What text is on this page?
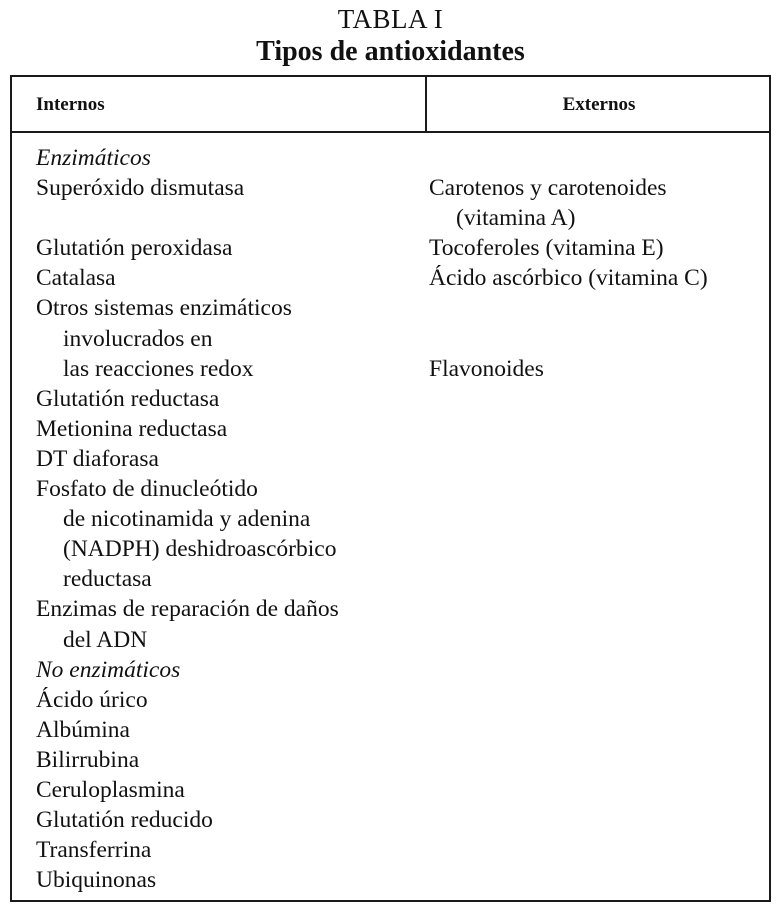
TABLA I
Tipos de antioxidantes
Internos	Externos
Enzimáticos
Superóxido dismutasa
Glutatión peroxidasa
Catalasa
Otros sistemas enzimáticos
involucrados en
las reacciones redox
Glutatión reductasa
Metionina reductasa
DT diaforasa
Fosfato de dinucleótido
de nicotinamida y adenina
(NADPH) deshidroascórbico
reductasa
Enzimas de reparación de daños
del ADN
No enzimáticos
Ácido úrico
Albúmina
Bilirrubina
Ceruloplasmina
Glutatión reducido
Transferrina
Ubiquinonas
Carotenos y carotenoides
(vitamina A)
Tocoferoles (vitamina E)
Ácido ascórbico (vitamina C)
Flavonoides
